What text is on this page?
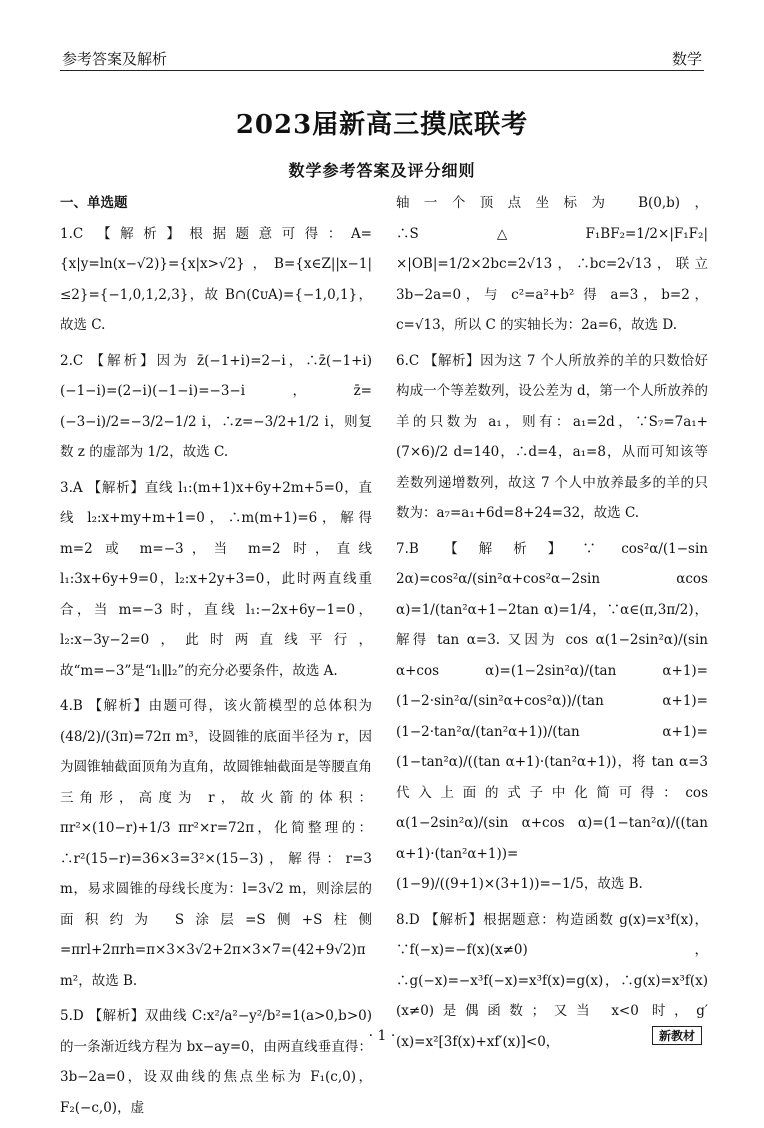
参考答案及解析	数学
2023届新高三摸底联考
数学参考答案及评分细则
一、单选题

1.C 【解析】根据题意可得：A={x|y=ln(x−√2)}={x|x>√2}，B={x∈Z||x−1|≤2}={−1,0,1,2,3}，故 B∩(∁ᴜA)={−1,0,1}，故选 C.

2.C 【解析】因为 z̄(−1+i)=2−i，∴z̄(−1+i)(−1−i)=(2−i)(−1−i)=−3−i，z̄=(−3−i)/2=−3/2−1/2 i，∴z=−3/2+1/2 i，则复数 z 的虚部为 1/2，故选 C.

3.A 【解析】直线 l₁:(m+1)x+6y+2m+5=0，直线 l₂:x+my+m+1=0，∴m(m+1)=6，解得 m=2 或 m=−3，当 m=2 时，直线 l₁:3x+6y+9=0，l₂:x+2y+3=0，此时两直线重合，当 m=−3 时，直线 l₁:−2x+6y−1=0，l₂:x−3y−2=0，此时两直线平行，故“m=−3”是“l₁∥l₂”的充分必要条件，故选 A.

4.B 【解析】由题可得，该火箭模型的总体积为 (48/2)/(3π)=72π m³，设圆锥的底面半径为 r，因为圆锥轴截面顶角为直角，故圆锥轴截面是等腰直角三角形，高度为 r，故火箭的体积：πr²×(10−r)+1/3 πr²×r=72π，化简整理的：∴r²(15−r)=36×3=3²×(15−3)，解得：r=3 m，易求圆锥的母线长度为：l=3√2 m，则涂层的面积约为 S涂层=S侧+S柱侧=πrl+2πrh=π×3×3√2+2π×3×7=(42+9√2)π m²，故选 B.

5.D 【解析】双曲线 C:x²/a²−y²/b²=1(a>0,b>0)的一条渐近线方程为 bx−ay=0，由两直线垂直得：3b−2a=0，设双曲线的焦点坐标为 F₁(c,0)，F₂(−c,0)，虚

轴一个顶点坐标为 B(0,b)，∴S△F₁BF₂=1/2×|F₁F₂|×|OB|=1/2×2bc=2√13，∴bc=2√13，联立 3b−2a=0，与 c²=a²+b² 得 a=3，b=2，c=√13，所以 C 的实轴长为：2a=6，故选 D.

6.C 【解析】因为这 7 个人所放养的羊的只数恰好构成一个等差数列，设公差为 d，第一个人所放养的羊的只数为 a₁，则有：a₁=2d，∵S₇=7a₁+(7×6)/2 d=140，∴d=4，a₁=8，从而可知该等差数列递增数列，故这 7 个人中放养最多的羊的只数为：a₇=a₁+6d=8+24=32，故选 C.

7.B 【解析】∵ cos²α/(1−sin 2α)=cos²α/(sin²α+cos²α−2sin αcos α)=1/(tan²α+1−2tan α)=1/4，∵α∈(π,3π/2)，解得 tan α=3. 又因为 cos α(1−2sin²α)/(sin α+cos α)=(1−2sin²α)/(tan α+1)=(1−2·sin²α/(sin²α+cos²α))/(tan α+1)=(1−2·tan²α/(tan²α+1))/(tan α+1)=(1−tan²α)/((tan α+1)·(tan²α+1))，将 tan α=3 代入上面的式子中化简可得：cos α(1−2sin²α)/(sin α+cos α)=(1−tan²α)/((tan α+1)·(tan²α+1))=(1−9)/((9+1)×(3+1))=−1/5，故选 B.

8.D 【解析】根据题意：构造函数 g(x)=x³f(x)，∵f(−x)=−f(x)(x≠0)，∴g(−x)=−x³f(−x)=x³f(x)=g(x)，∴g(x)=x³f(x)(x≠0)是偶函数；又当 x<0 时，g′(x)=x²[3f(x)+xf′(x)]<0，

· 1 ·	新教材
